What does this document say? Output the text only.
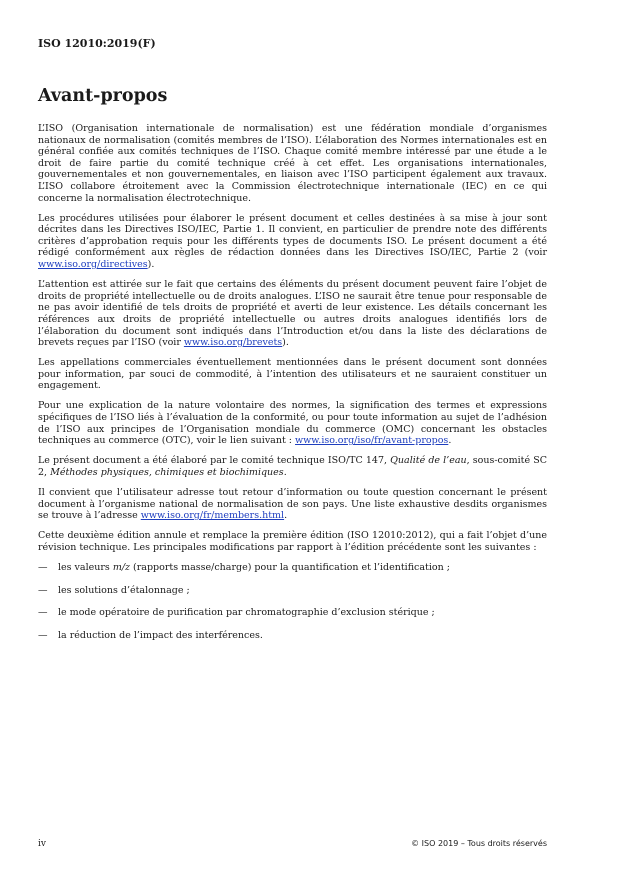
ISO 12010:2019(F)
Avant-propos

L’ISO (Organisation internationale de normalisation) est une fédération mondiale d’organismes nationaux de normalisation (comités membres de l’ISO). L’élaboration des Normes internationales est en général confiée aux comités techniques de l’ISO. Chaque comité membre intéressé par une étude a le droit de faire partie du comité technique créé à cet effet. Les organisations internationales, gouvernementales et non gouvernementales, en liaison avec l’ISO participent également aux travaux. L’ISO collabore étroitement avec la Commission électrotechnique internationale (IEC) en ce qui concerne la normalisation électrotechnique.

Les procédures utilisées pour élaborer le présent document et celles destinées à sa mise à jour sont décrites dans les Directives ISO/IEC, Partie 1. Il convient, en particulier de prendre note des différents critères d’approbation requis pour les différents types de documents ISO. Le présent document a été rédigé conformément aux règles de rédaction données dans les Directives ISO/IEC, Partie 2 (voir www.iso.org/directives).

L’attention est attirée sur le fait que certains des éléments du présent document peuvent faire l’objet de droits de propriété intellectuelle ou de droits analogues. L’ISO ne saurait être tenue pour responsable de ne pas avoir identifié de tels droits de propriété et averti de leur existence. Les détails concernant les références aux droits de propriété intellectuelle ou autres droits analogues identifiés lors de l’élaboration du document sont indiqués dans l’Introduction et/ou dans la liste des déclarations de brevets reçues par l’ISO (voir www.iso.org/brevets).

Les appellations commerciales éventuellement mentionnées dans le présent document sont données pour information, par souci de commodité, à l’intention des utilisateurs et ne sauraient constituer un engagement.

Pour une explication de la nature volontaire des normes, la signification des termes et expressions spécifiques de l’ISO liés à l’évaluation de la conformité, ou pour toute information au sujet de l’adhésion de l’ISO aux principes de l’Organisation mondiale du commerce (OMC) concernant les obstacles techniques au commerce (OTC), voir le lien suivant : www.iso.org/iso/fr/avant-propos.

Le présent document a été élaboré par le comité technique ISO/TC 147, Qualité de l’eau, sous-comité SC 2, Méthodes physiques, chimiques et biochimiques.

Il convient que l’utilisateur adresse tout retour d’information ou toute question concernant le présent document à l’organisme national de normalisation de son pays. Une liste exhaustive desdits organismes se trouve à l’adresse www.iso.org/fr/members.html.

Cette deuxième édition annule et remplace la première édition (ISO 12010:2012), qui a fait l’objet d’une révision technique. Les principales modifications par rapport à l’édition précédente sont les suivantes :

—	les valeurs m/z (rapports masse/charge) pour la quantification et l’identification ;
—	les solutions d’étalonnage ;
—	le mode opératoire de purification par chromatographie d’exclusion stérique ;
—	la réduction de l’impact des interférences.
iv	© ISO 2019 – Tous droits réservés
